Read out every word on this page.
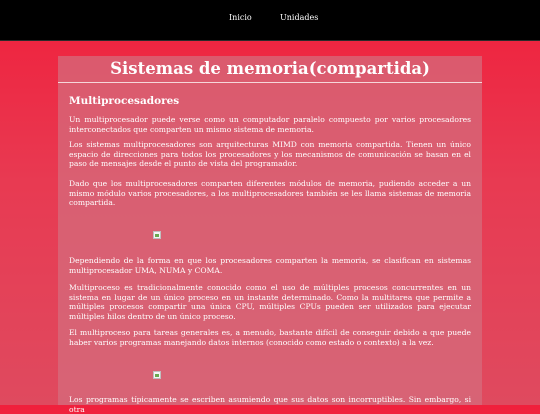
Inicio	Unidades
Sistemas de memoria(compartida)
Multiprocesadores

Un multiprocesador puede verse como un computador paralelo compuesto por varios procesadores interconectados que comparten un mismo sistema de memoria.

Los sistemas multiprocesadores son arquitecturas MIMD con memoria compartida. Tienen un único espacio de direcciones para todos los procesadores y los mecanismos de comunicación se basan en el paso de mensajes desde el punto de vista del programador.

Dado que los multiprocesadores comparten diferentes módulos de memoria, pudiendo acceder a un mismo módulo varios procesadores, a los multiprocesadores también se les llama sistemas de memoria compartida.

Dependiendo de la forma en que los procesadores comparten la memoria, se clasifican en sistemas multiprocesador UMA, NUMA y COMA.

Multiproceso es tradicionalmente conocido como el uso de múltiples procesos concurrentes en un sistema en lugar de un único proceso en un instante determinado. Como la multitarea que permite a múltiples procesos compartir una única CPU, múltiples CPUs pueden ser utilizados para ejecutar múltiples hilos dentro de un único proceso.

El multiproceso para tareas generales es, a menudo, bastante difícil de conseguir debido a que puede haber varios programas manejando datos internos (conocido como estado o contexto) a la vez.

Los programas típicamente se escriben asumiendo que sus datos son incorruptibles. Sin embargo, si otra
